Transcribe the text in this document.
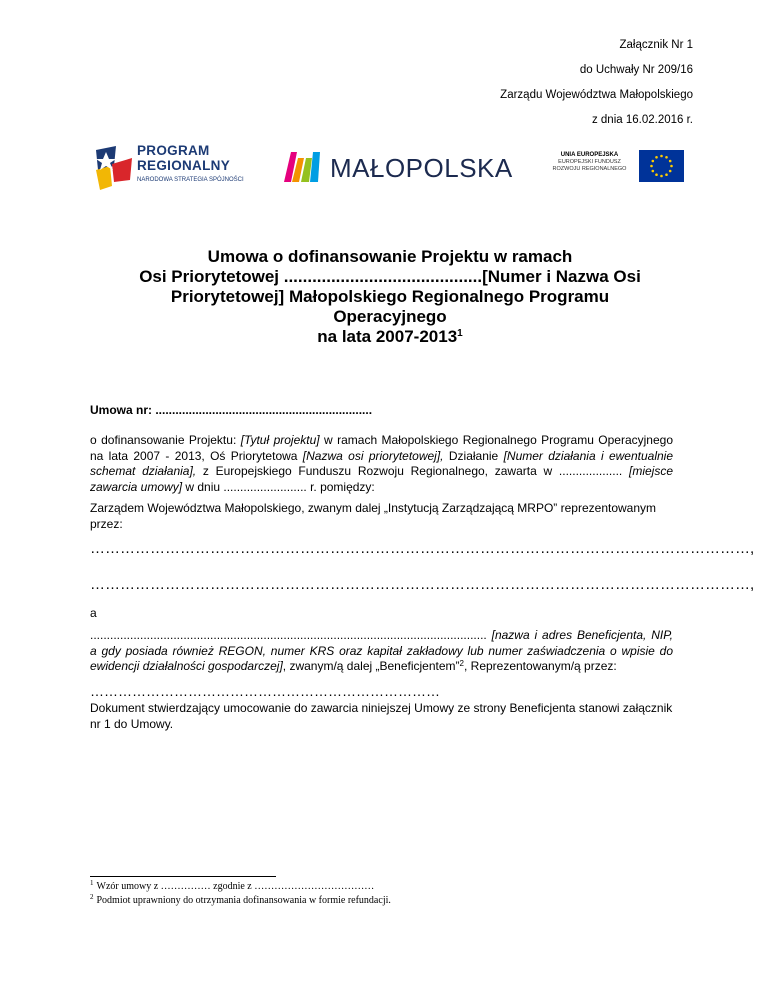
Załącznik Nr 1
do Uchwały Nr 209/16
Zarządu Województwa Małopolskiego
z dnia 16.02.2016 r.
PROGRAM
REGIONALNY
NARODOWA STRATEGIA SPÓJNOŚCI	MAŁOPOLSKA	UNIA EUROPEJSKA
EUROPEJSKI FUNDUSZ
ROZWOJU REGIONALNEGO
Umowa o dofinansowanie Projektu w ramach
Osi Priorytetowej ..........................................[Numer i Nazwa Osi
Priorytetowej] Małopolskiego Regionalnego Programu
Operacyjnego
na lata 2007-2013$^1$
Umowa nr: .................................................................
o dofinansowanie Projektu: [Tytuł projektu] w ramach Małopolskiego Regionalnego Programu Operacyjnego na lata 2007 - 2013, Oś Priorytetowa [Nazwa osi priorytetowej], Działanie [Numer działania i ewentualnie schemat działania], z Europejskiego Funduszu Rozwoju Regionalnego, zawarta w ................... [miejsce zawarcia umowy] w dniu ......................... r. pomiędzy:
Zarządem Województwa Małopolskiego, zwanym dalej „Instytucją Zarządzającą MRPO” reprezentowanym przez:
……………………………………………………………………………………………………………………,
……………………………………………………………………………………………………………………,
a
....................................................................................................................... [nazwa i adres Beneficjenta, NIP, a gdy posiada również REGON, numer KRS oraz kapitał zakładowy lub numer zaświadczenia o wpisie do ewidencji działalności gospodarczej], zwanym/ą dalej „Beneficjentem”$^2$, Reprezentowanym/ą przez:
…………………………………………………………………
Dokument stwierdzający umocowanie do zawarcia niniejszej Umowy ze strony Beneficjenta stanowi załącznik nr 1 do Umowy.
$^1$ Wzór umowy z …………… zgodnie z ………………………………
$^2$ Podmiot uprawniony do otrzymania dofinansowania w formie refundacji.
